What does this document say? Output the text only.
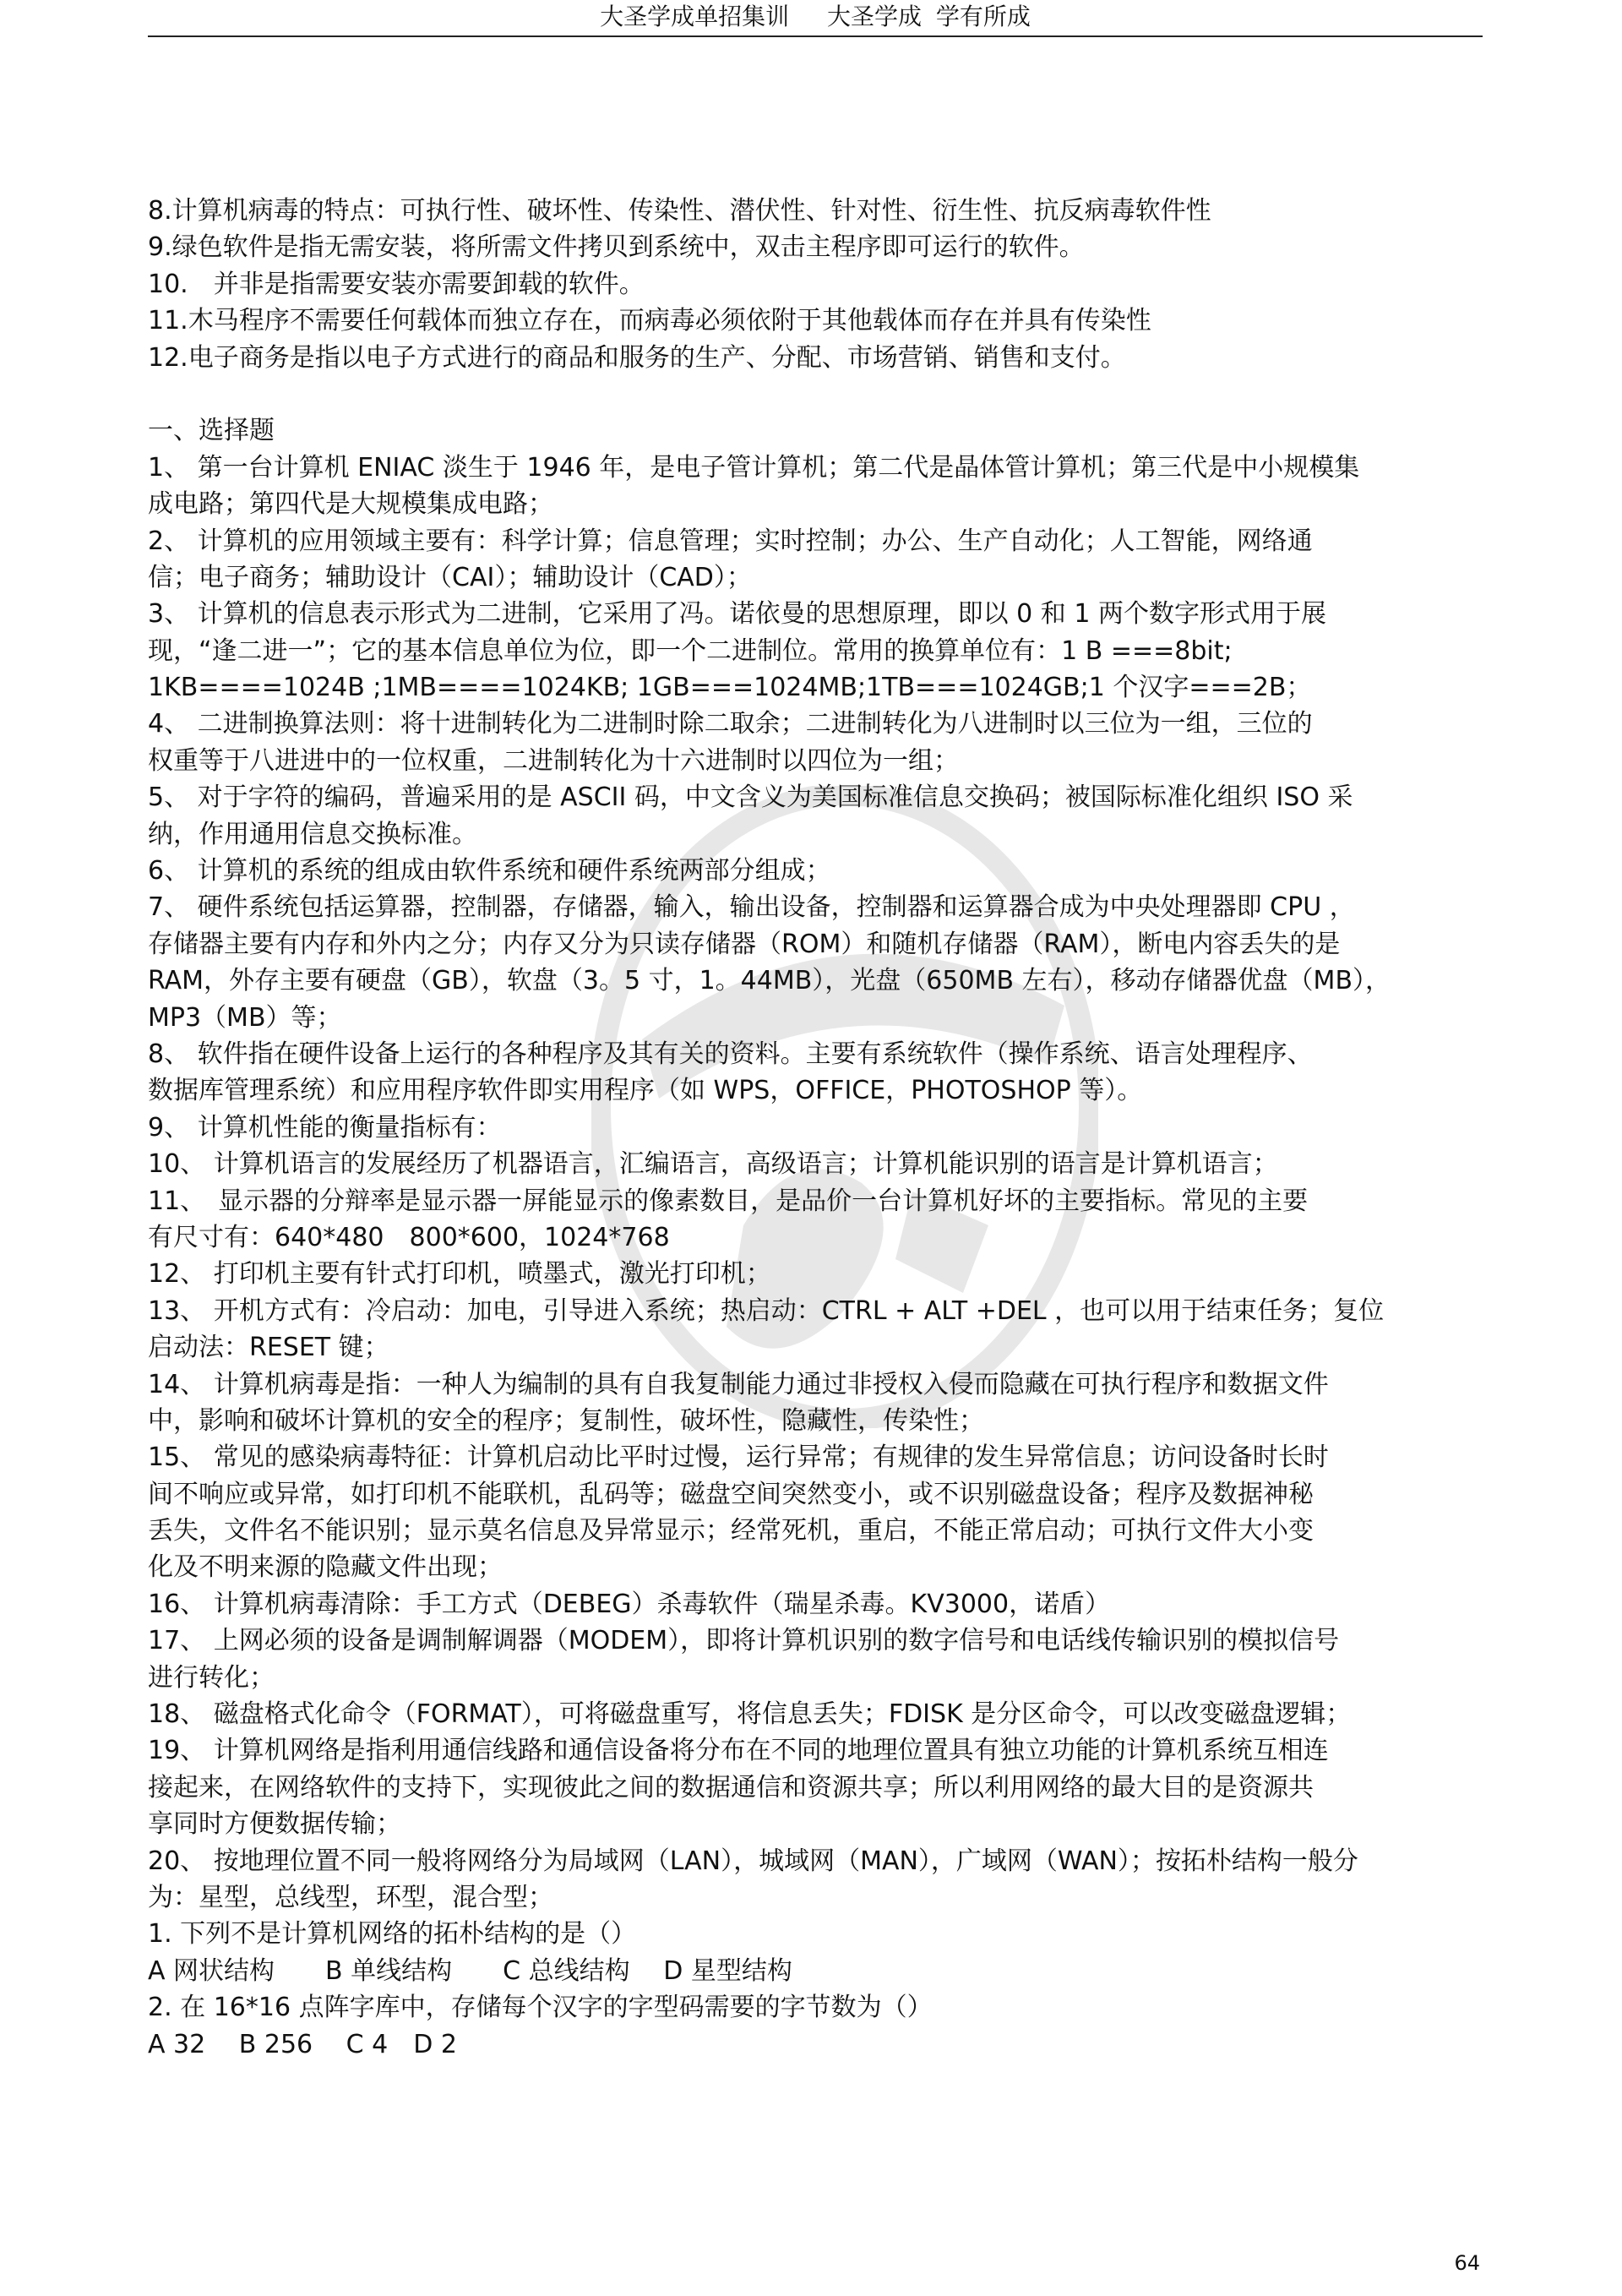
大圣学成单招集训　 大圣学成 学有所成
8.计算机病毒的特点：可执行性、破坏性、传染性、潜伏性、针对性、衍生性、抗反病毒软件性
9.绿色软件是指无需安装，将所需文件拷贝到系统中，双击主程序即可运行的软件。
10.　并非是指需要安装亦需要卸载的软件。
11.木马程序不需要任何载体而独立存在，而病毒必须依附于其他载体而存在并具有传染性
12.电子商务是指以电子方式进行的商品和服务的生产、分配、市场营销、销售和支付。
一、选择题
1、 第一台计算机 ENIAC 淡生于 1946 年，是电子管计算机；第二代是晶体管计算机；第三代是中小规模集
成电路；第四代是大规模集成电路；
2、 计算机的应用领域主要有：科学计算；信息管理；实时控制；办公、生产自动化；人工智能，网络通
信；电子商务；辅助设计（CAI）；辅助设计（CAD）；
3、 计算机的信息表示形式为二进制，它采用了冯。诺依曼的思想原理，即以 0 和 1 两个数字形式用于展
现，“逢二进一”；它的基本信息单位为位，即一个二进制位。常用的换算单位有：1 B ===8bit;
1KB====1024B ;1MB====1024KB; 1GB===1024MB;1TB===1024GB;1 个汉字===2B；
4、 二进制换算法则：将十进制转化为二进制时除二取余；二进制转化为八进制时以三位为一组，三位的
权重等于八进进中的一位权重，二进制转化为十六进制时以四位为一组；
5、 对于字符的编码，普遍采用的是 ASCII 码，中文含义为美国标准信息交换码；被国际标准化组织 ISO 采
纳，作用通用信息交换标准。
6、 计算机的系统的组成由软件系统和硬件系统两部分组成；
7、 硬件系统包括运算器，控制器，存储器，输入，输出设备，控制器和运算器合成为中央处理器即 CPU ，
存储器主要有内存和外内之分；内存又分为只读存储器（ROM）和随机存储器（RAM），断电内容丢失的是
RAM，外存主要有硬盘（GB），软盘（3。5 寸，1。44MB），光盘（650MB 左右），移动存储器优盘（MB），
MP3（MB）等；
8、 软件指在硬件设备上运行的各种程序及其有关的资料。主要有系统软件（操作系统、语言处理程序、
数据库管理系统）和应用程序软件即实用程序（如 WPS，OFFICE，PHOTOSHOP 等）。
9、 计算机性能的衡量指标有：
10、 计算机语言的发展经历了机器语言，汇编语言，高级语言；计算机能识别的语言是计算机语言；
11、　显示器的分辩率是显示器一屏能显示的像素数目，是品价一台计算机好坏的主要指标。常见的主要
有尺寸有：640*480　800*600，1024*768
12、 打印机主要有针式打印机，喷墨式，激光打印机；
13、 开机方式有：冷启动：加电，引导进入系统；热启动：CTRL + ALT +DEL ，也可以用于结束任务；复位
启动法：RESET 键；
14、 计算机病毒是指：一种人为编制的具有自我复制能力通过非授权入侵而隐藏在可执行程序和数据文件
中，影响和破坏计算机的安全的程序；复制性，破坏性，隐藏性，传染性；
15、 常见的感染病毒特征：计算机启动比平时过慢，运行异常；有规律的发生异常信息；访问设备时长时
间不响应或异常，如打印机不能联机，乱码等；磁盘空间突然变小，或不识别磁盘设备；程序及数据神秘
丢失，文件名不能识别；显示莫名信息及异常显示；经常死机，重启，不能正常启动；可执行文件大小变
化及不明来源的隐藏文件出现；
16、 计算机病毒清除：手工方式（DEBEG）杀毒软件（瑞星杀毒。KV3000，诺盾）
17、 上网必须的设备是调制解调器（MODEM），即将计算机识别的数字信号和电话线传输识别的模拟信号
进行转化；
18、 磁盘格式化命令（FORMAT），可将磁盘重写，将信息丢失；FDISK 是分区命令，可以改变磁盘逻辑；
19、 计算机网络是指利用通信线路和通信设备将分布在不同的地理位置具有独立功能的计算机系统互相连
接起来，在网络软件的支持下，实现彼此之间的数据通信和资源共享；所以利用网络的最大目的是资源共
享同时方便数据传输；
20、 按地理位置不同一般将网络分为局域网（LAN），城域网（MAN），广域网（WAN）；按拓朴结构一般分
为：星型，总线型，环型，混合型；
1. 下列不是计算机网络的拓朴结构的是（）
A 网状结构　　B 单线结构　　C 总线结构　 D 星型结构
2. 在 16*16 点阵字库中，存储每个汉字的字型码需要的字节数为（）
A 32　 B 256　 C 4　D 2
64
